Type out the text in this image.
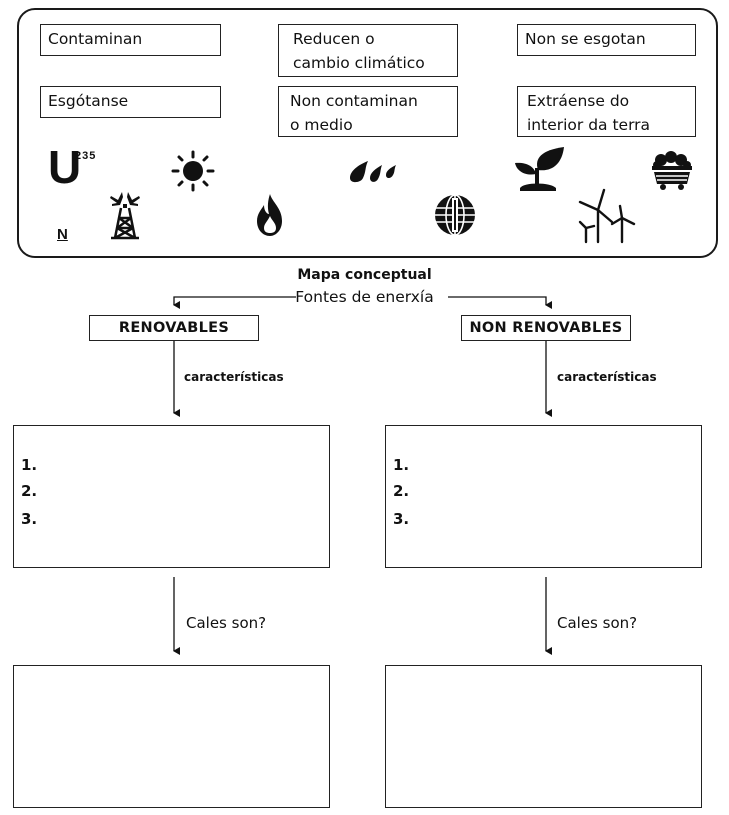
Contaminan
Esgótanse
Reducen o
cambio climático
Non contaminan
o medio
Non se esgotan
Extráense do
interior da terra
U
235
N
Mapa conceptual
Fontes de enerxía
RENOVABLES	NON RENOVABLES
características	características
1.
2.
3.
1.
2.
3.
Cales son?	Cales son?
